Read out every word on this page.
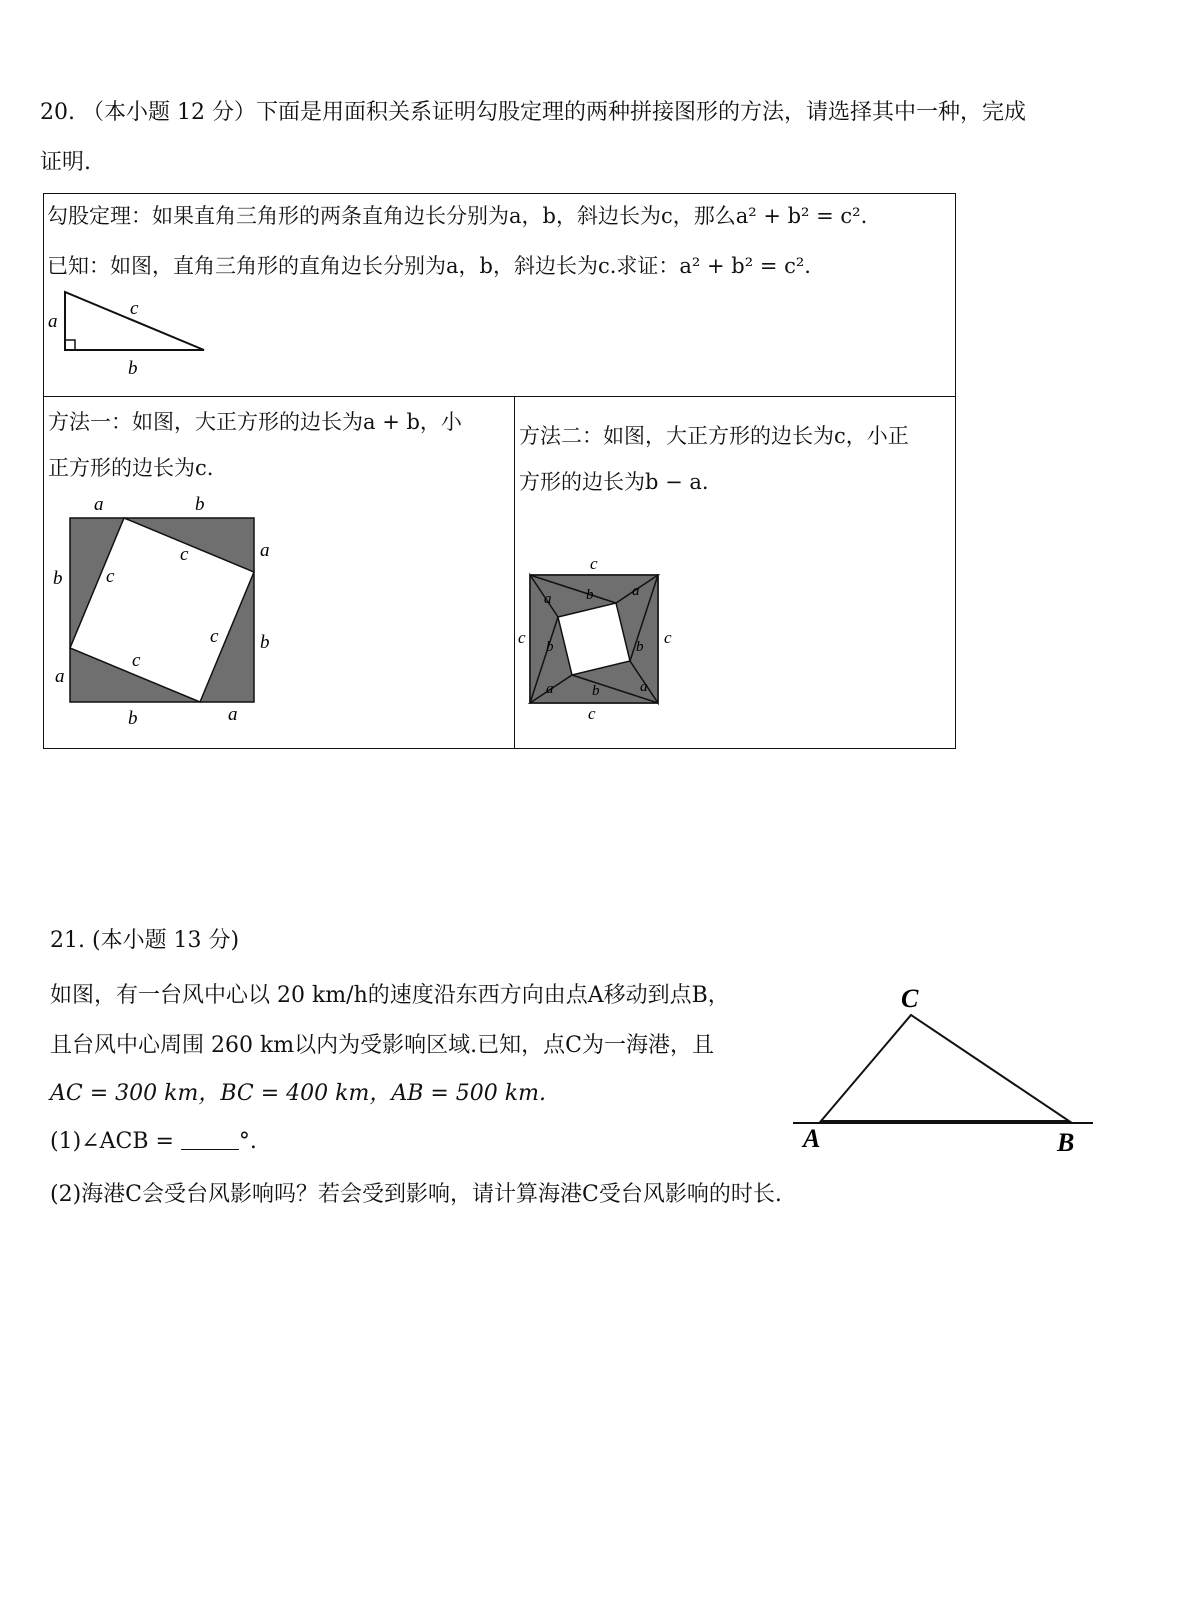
20. （本小题 12 分）下面是用面积关系证明勾股定理的两种拼接图形的方法，请选择其中一种，完成
证明.
勾股定理：如果直角三角形的两条直角边长分别为a，b，斜边长为c，那么a² + b² = c².
已知：如图，直角三角形的直角边长分别为a，b，斜边长为c.求证：a² + b² = c².
a
c
b
方法一：如图，大正方形的边长为a + b，小
正方形的边长为c.
a	b
a
b
b	a
b
a
c
c
c
c
方法二：如图，大正方形的边长为c，小正
方形的边长为b − a.
c
c
c	c
a b	a
b	b
a	b	a
21. (本小题 13 分)
如图，有一台风中心以 20 km/h的速度沿东西方向由点A移动到点B，
且台风中心周围 260 km以内为受影响区域.已知，点C为一海港，且
AC = 300 km，BC = 400 km，AB = 500 km.
(1)∠ACB =	°.
(2)海港C会受台风影响吗？若会受到影响，请计算海港C受台风影响的时长.
C
A	B
